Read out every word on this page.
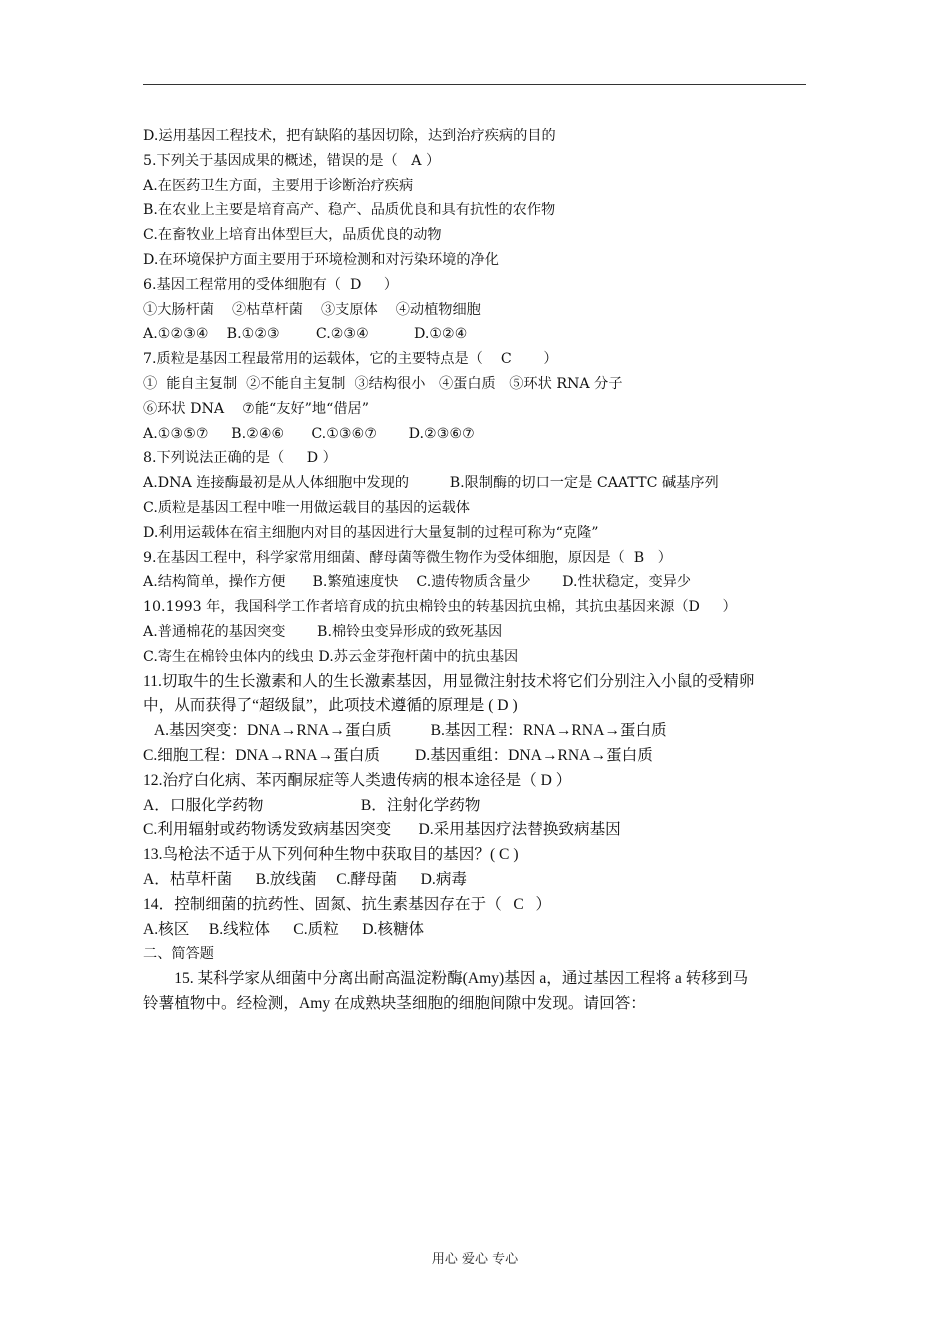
D.运用基因工程技术，把有缺陷的基因切除，达到治疗疾病的目的
5.下列关于基因成果的概述，错误的是（   A ）
A.在医药卫生方面，主要用于诊断治疗疾病
B.在农业上主要是培育高产、稳产、品质优良和具有抗性的农作物
C.在畜牧业上培育出体型巨大，品质优良的动物
D.在环境保护方面主要用于环境检测和对污染环境的净化
6.基因工程常用的受体细胞有（  D     ）
①大肠杆菌    ②枯草杆菌    ③支原体    ④动植物细胞
A.①②③④    B.①②③        C.②③④          D.①②④
7.质粒是基因工程最常用的运载体，它的主要特点是（    C       ）
①  能自主复制  ②不能自主复制  ③结构很小   ④蛋白质   ⑤环状 RNA 分子
⑥环状 DNA    ⑦能“友好”地“借居”
A.①③⑤⑦     B.②④⑥      C.①③⑥⑦       D.②③⑥⑦
8.下列说法正确的是（     D ）
A.DNA 连接酶最初是从人体细胞中发现的         B.限制酶的切口一定是 CAATTC 碱基序列
C.质粒是基因工程中唯一用做运载目的基因的运载体
D.利用运载体在宿主细胞内对目的基因进行大量复制的过程可称为“克隆”
9.在基因工程中，科学家常用细菌、酵母菌等微生物作为受体细胞，原因是（  B   ）
A.结构简单，操作方便      B.繁殖速度快    C.遗传物质含量少       D.性状稳定，变异少
10.1993 年，我国科学工作者培育成的抗虫棉铃虫的转基因抗虫棉，其抗虫基因来源（D     ）
A.普通棉花的基因突变       B.棉铃虫变异形成的致死基因
C.寄生在棉铃虫体内的线虫 D.苏云金芽孢杆菌中的抗虫基因
11.切取牛的生长激素和人的生长激素基因，用显微注射技术将它们分别注入小鼠的受精卵
中，从而获得了“超级鼠”，此项技术遵循的原理是 ( D )
A.基因突变：DNA→RNA→蛋白质          B.基因工程：RNA→RNA→蛋白质
C.细胞工程：DNA→RNA→蛋白质         D.基因重组：DNA→RNA→蛋白质
12.治疗白化病、苯丙酮尿症等人类遗传病的根本途径是（ D ）
A．口服化学药物                         B．注射化学药物
C.利用辐射或药物诱发致病基因突变       D.采用基因疗法替换致病基因
13.鸟枪法不适于从下列何种生物中获取目的基因？( C )
A．枯草杆菌      B.放线菌     C.酵母菌      D.病毒
14．控制细菌的抗药性、固氮、抗生素基因存在于（   C   ）
A.核区     B.线粒体      C.质粒      D.核糖体
二、简答题
15. 某科学家从细菌中分离出耐高温淀粉酶(Amy)基因 a，通过基因工程将 a 转移到马
铃薯植物中。经检测，Amy 在成熟块茎细胞的细胞间隙中发现。请回答：
用心 爱心 专心
